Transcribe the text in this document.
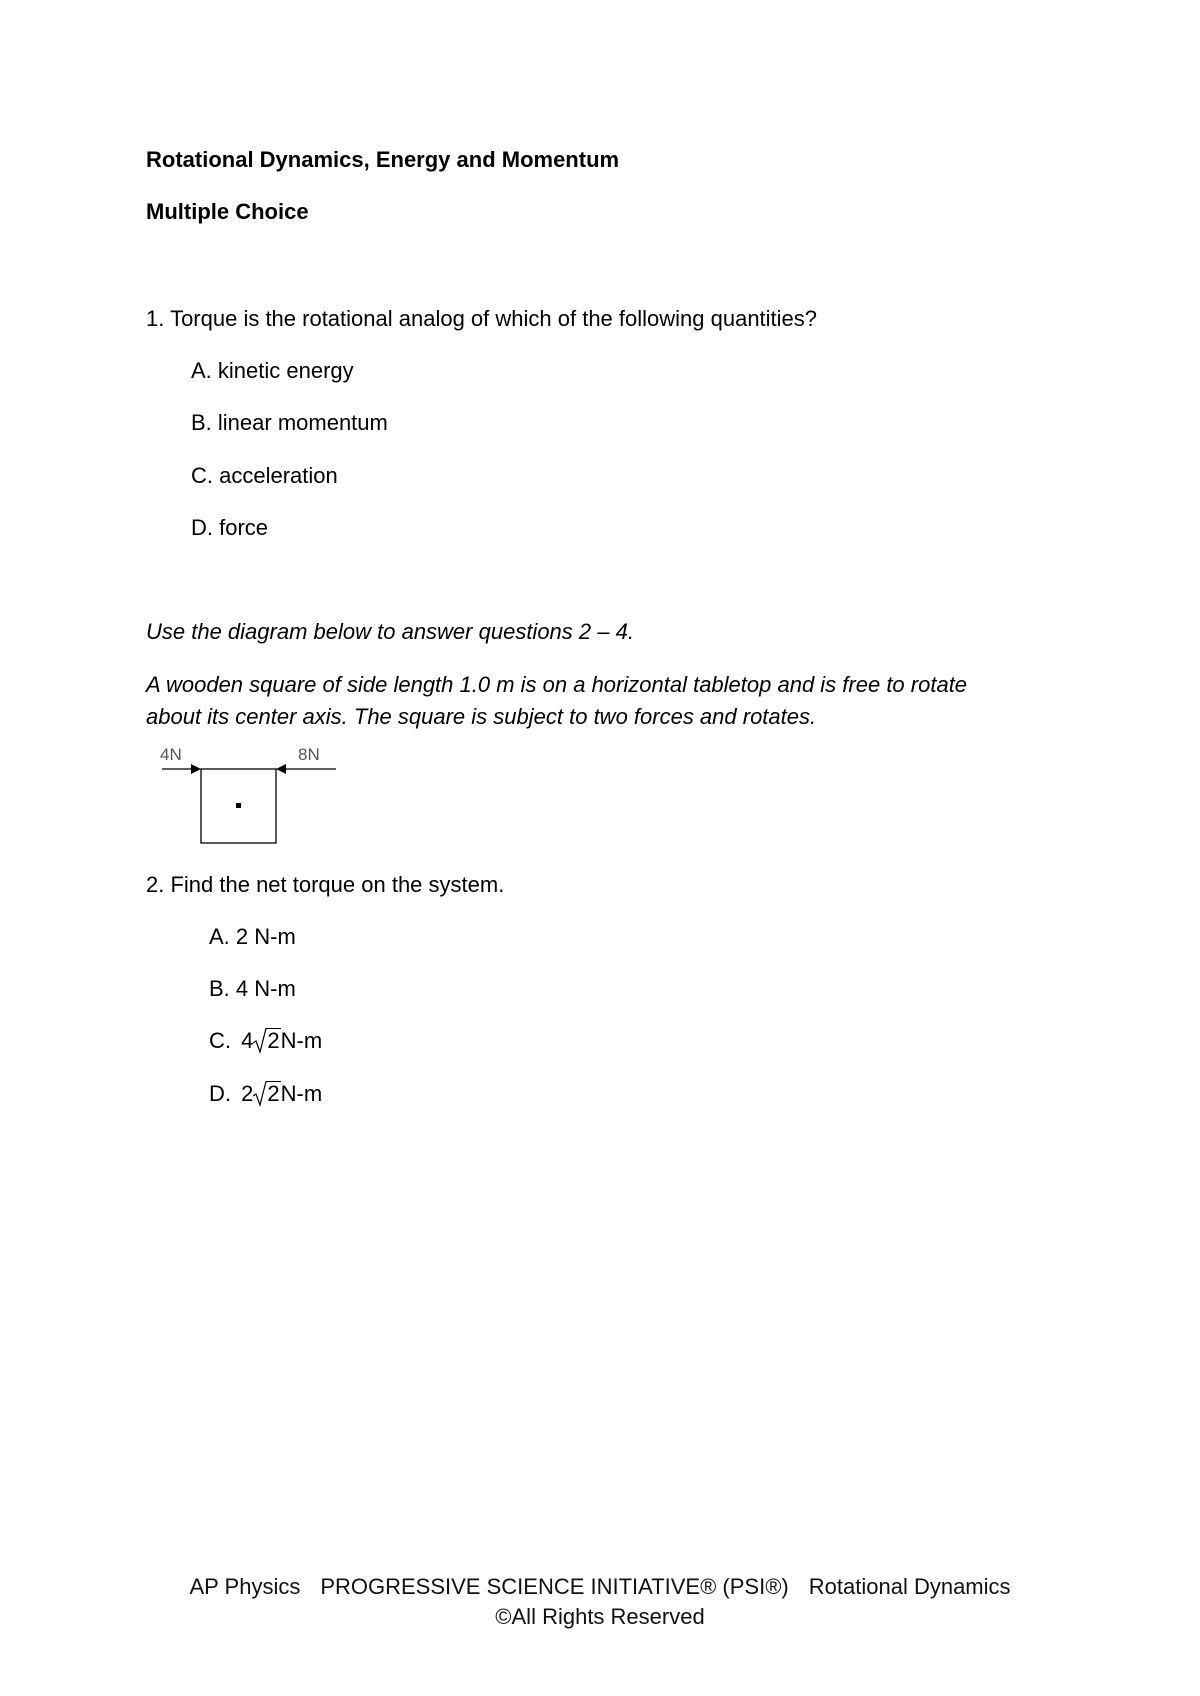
Rotational Dynamics, Energy and Momentum
Multiple Choice
1. Torque is the rotational analog of which of the following quantities?
A. kinetic energy
B. linear momentum
C. acceleration
D. force
Use the diagram below to answer questions 2 – 4.
A wooden square of side length 1.0 m is on a horizontal tabletop and is free to rotate
about its center axis. The square is subject to two forces and rotates.
4N	8N
2. Find the net torque on the system.
A. 2 N-m
B. 4 N-m
C. 4 2 N-m
D. 2 2 N-m
AP Physics PROGRESSIVE SCIENCE INITIATIVE® (PSI®) Rotational Dynamics
©All Rights Reserved
